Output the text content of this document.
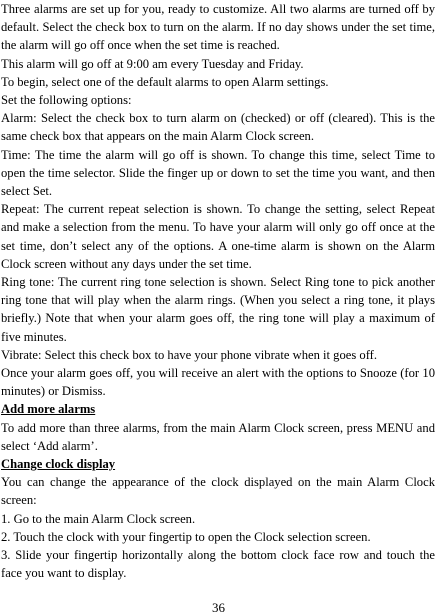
Three alarms are set up for you, ready to customize. All two alarms are turned off by default. Select the check box to turn on the alarm. If no day shows under the set time, the alarm will go off once when the set time is reached.

This alarm will go off at 9:00 am every Tuesday and Friday.

To begin, select one of the default alarms to open Alarm settings.

Set the following options:

Alarm: Select the check box to turn alarm on (checked) or off (cleared). This is the same check box that appears on the main Alarm Clock screen.

Time: The time the alarm will go off is shown. To change this time, select Time to open the time selector. Slide the finger up or down to set the time you want, and then select Set.

Repeat: The current repeat selection is shown. To change the setting, select Repeat and make a selection from the menu. To have your alarm will only go off once at the set time, don’t select any of the options. A one-time alarm is shown on the Alarm Clock screen without any days under the set time.

Ring tone: The current ring tone selection is shown. Select Ring tone to pick another ring tone that will play when the alarm rings. (When you select a ring tone, it plays briefly.) Note that when your alarm goes off, the ring tone will play a maximum of five minutes.

Vibrate: Select this check box to have your phone vibrate when it goes off.

Once your alarm goes off, you will receive an alert with the options to Snooze (for 10 minutes) or Dismiss.

Add more alarms

To add more than three alarms, from the main Alarm Clock screen, press MENU and select ‘Add alarm’.

Change clock display

You can change the appearance of the clock displayed on the main Alarm Clock screen:

1. Go to the main Alarm Clock screen.

2. Touch the clock with your fingertip to open the Clock selection screen.

3. Slide your fingertip horizontally along the bottom clock face row and touch the face you want to display.

36
